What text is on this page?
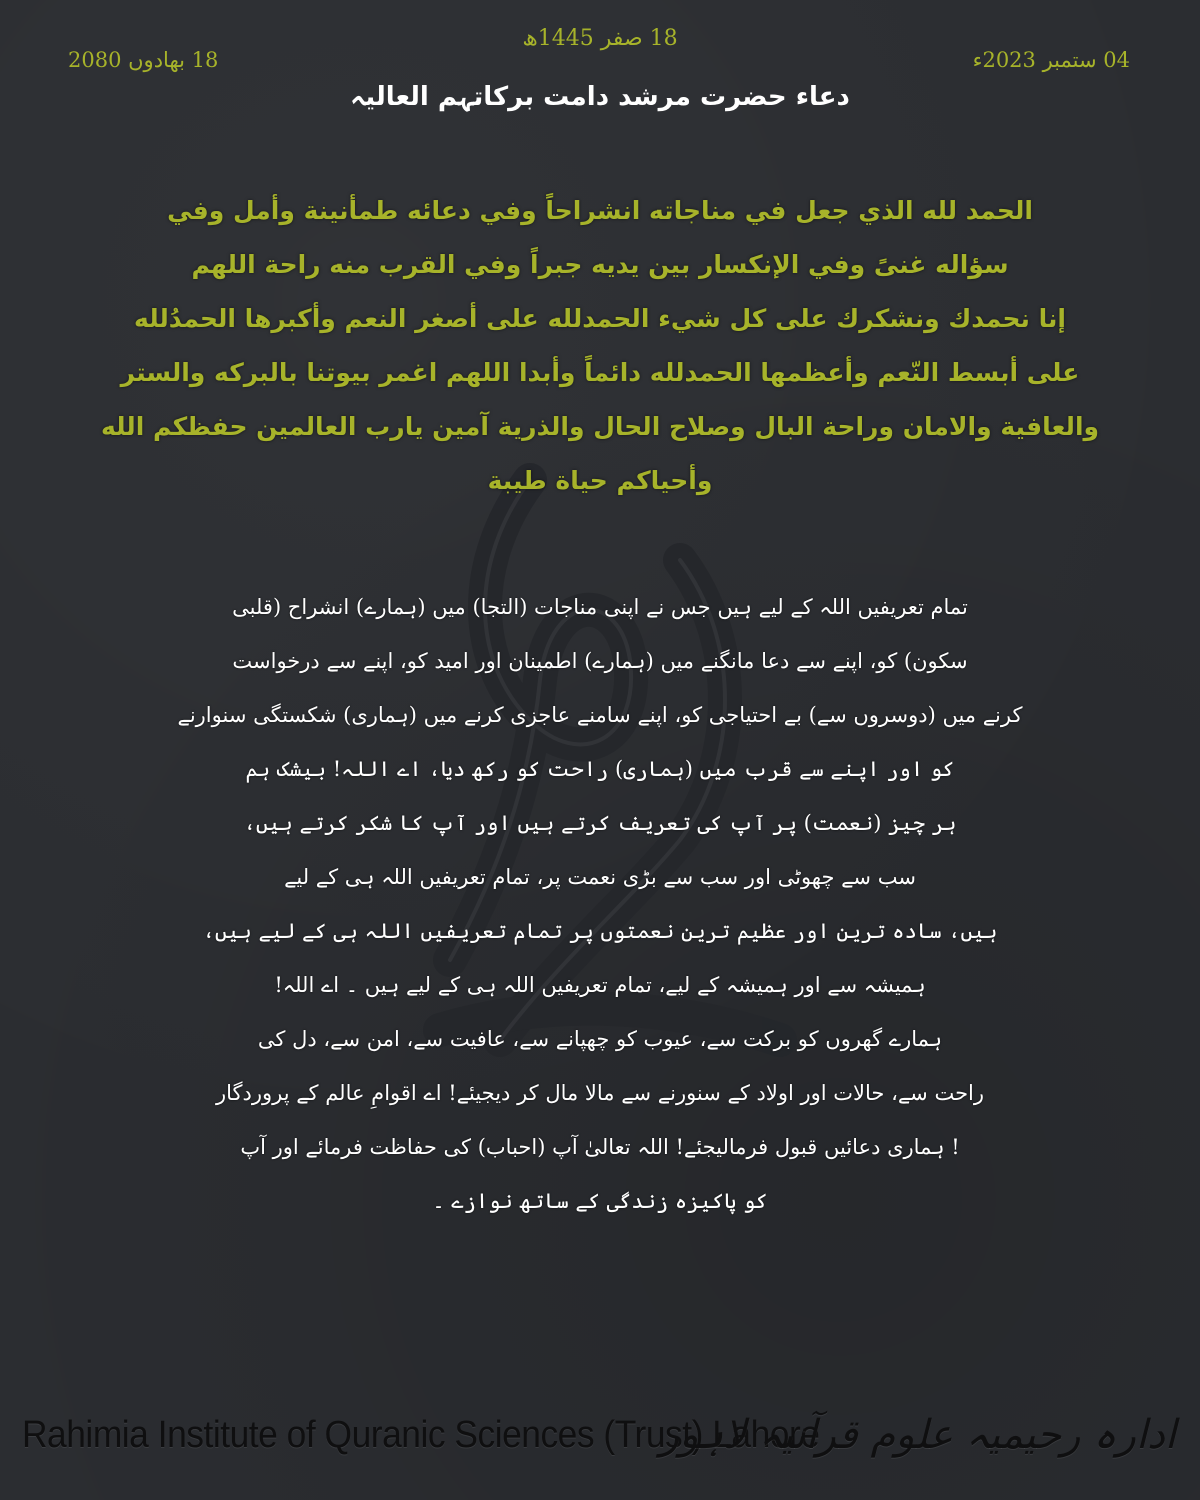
18 صفر 1445ھ
04 ستمبر 2023ء
18 بھادوں 2080
دعاء حضرت مرشد دامت برکاتہم العالیہ
الحمد لله الذي جعل في مناجاته انشراحاً وفي دعائه طمأنينة وأمل وفي
سؤاله غنىً وفي الإنكسار بين يديه جبراً وفي القرب منه راحة اللهم
إنا نحمدك ونشكرك على كل شيء الحمدلله على أصغر النعم وأكبرها الحمدُلله
على أبسط النّعم وأعظمها الحمدلله دائماً وأبدا اللهم اغمر بيوتنا بالبركه والستر
والعافية والامان وراحة البال وصلاح الحال والذرية آمين يارب العالمين حفظكم الله
وأحياكم حياة طيبة
تمام تعریفیں اللہ کے لیے ہیں جس نے اپنی مناجات (التجا) میں (ہمارے) انشراح (قلبی
سکون) کو، اپنے سے دعا مانگنے میں (ہمارے) اطمینان اور امید کو، اپنے سے درخواست
کرنے میں (دوسروں سے) بے احتیاجی کو، اپنے سامنے عاجزی کرنے میں (ہماری) شکستگی سنوارنے
کو اور اپنے سے قرب میں (ہماری) راحت کو رکھ دیا، اے اللہ! بیشک ہم
ہر چیز (نعمت) پر آپ کی تعریف کرتے ہیں اور آپ کا شکر کرتے ہیں،
سب سے چھوٹی اور سب سے بڑی نعمت پر، تمام تعریفیں اللہ ہی کے لیے
ہیں، سادہ ترین اور عظیم ترین نعمتوں پر تمام تعریفیں اللہ ہی کے لیے ہیں،
ہمیشہ سے اور ہمیشہ کے لیے، تمام تعریفیں اللہ ہی کے لیے ہیں ۔ اے اللہ!
ہمارے گھروں کو برکت سے، عیوب کو چھپانے سے، عافیت سے، امن سے، دل کی
راحت سے، حالات اور اولاد کے سنورنے سے مالا مال کر دیجیئے! اے اقوامِ عالم کے پروردگار
! ہماری دعائیں قبول فرمالیجئے! اللہ تعالیٰ آپ (احباب) کی حفاظت فرمائے اور آپ
کو پاکیزہ زندگی کے ساتھ نوازے ۔
Rahimia Institute of Quranic Sciences (Trust) Lahore
ادارہ رحیمیہ علوم قرآنیہ لاہور
